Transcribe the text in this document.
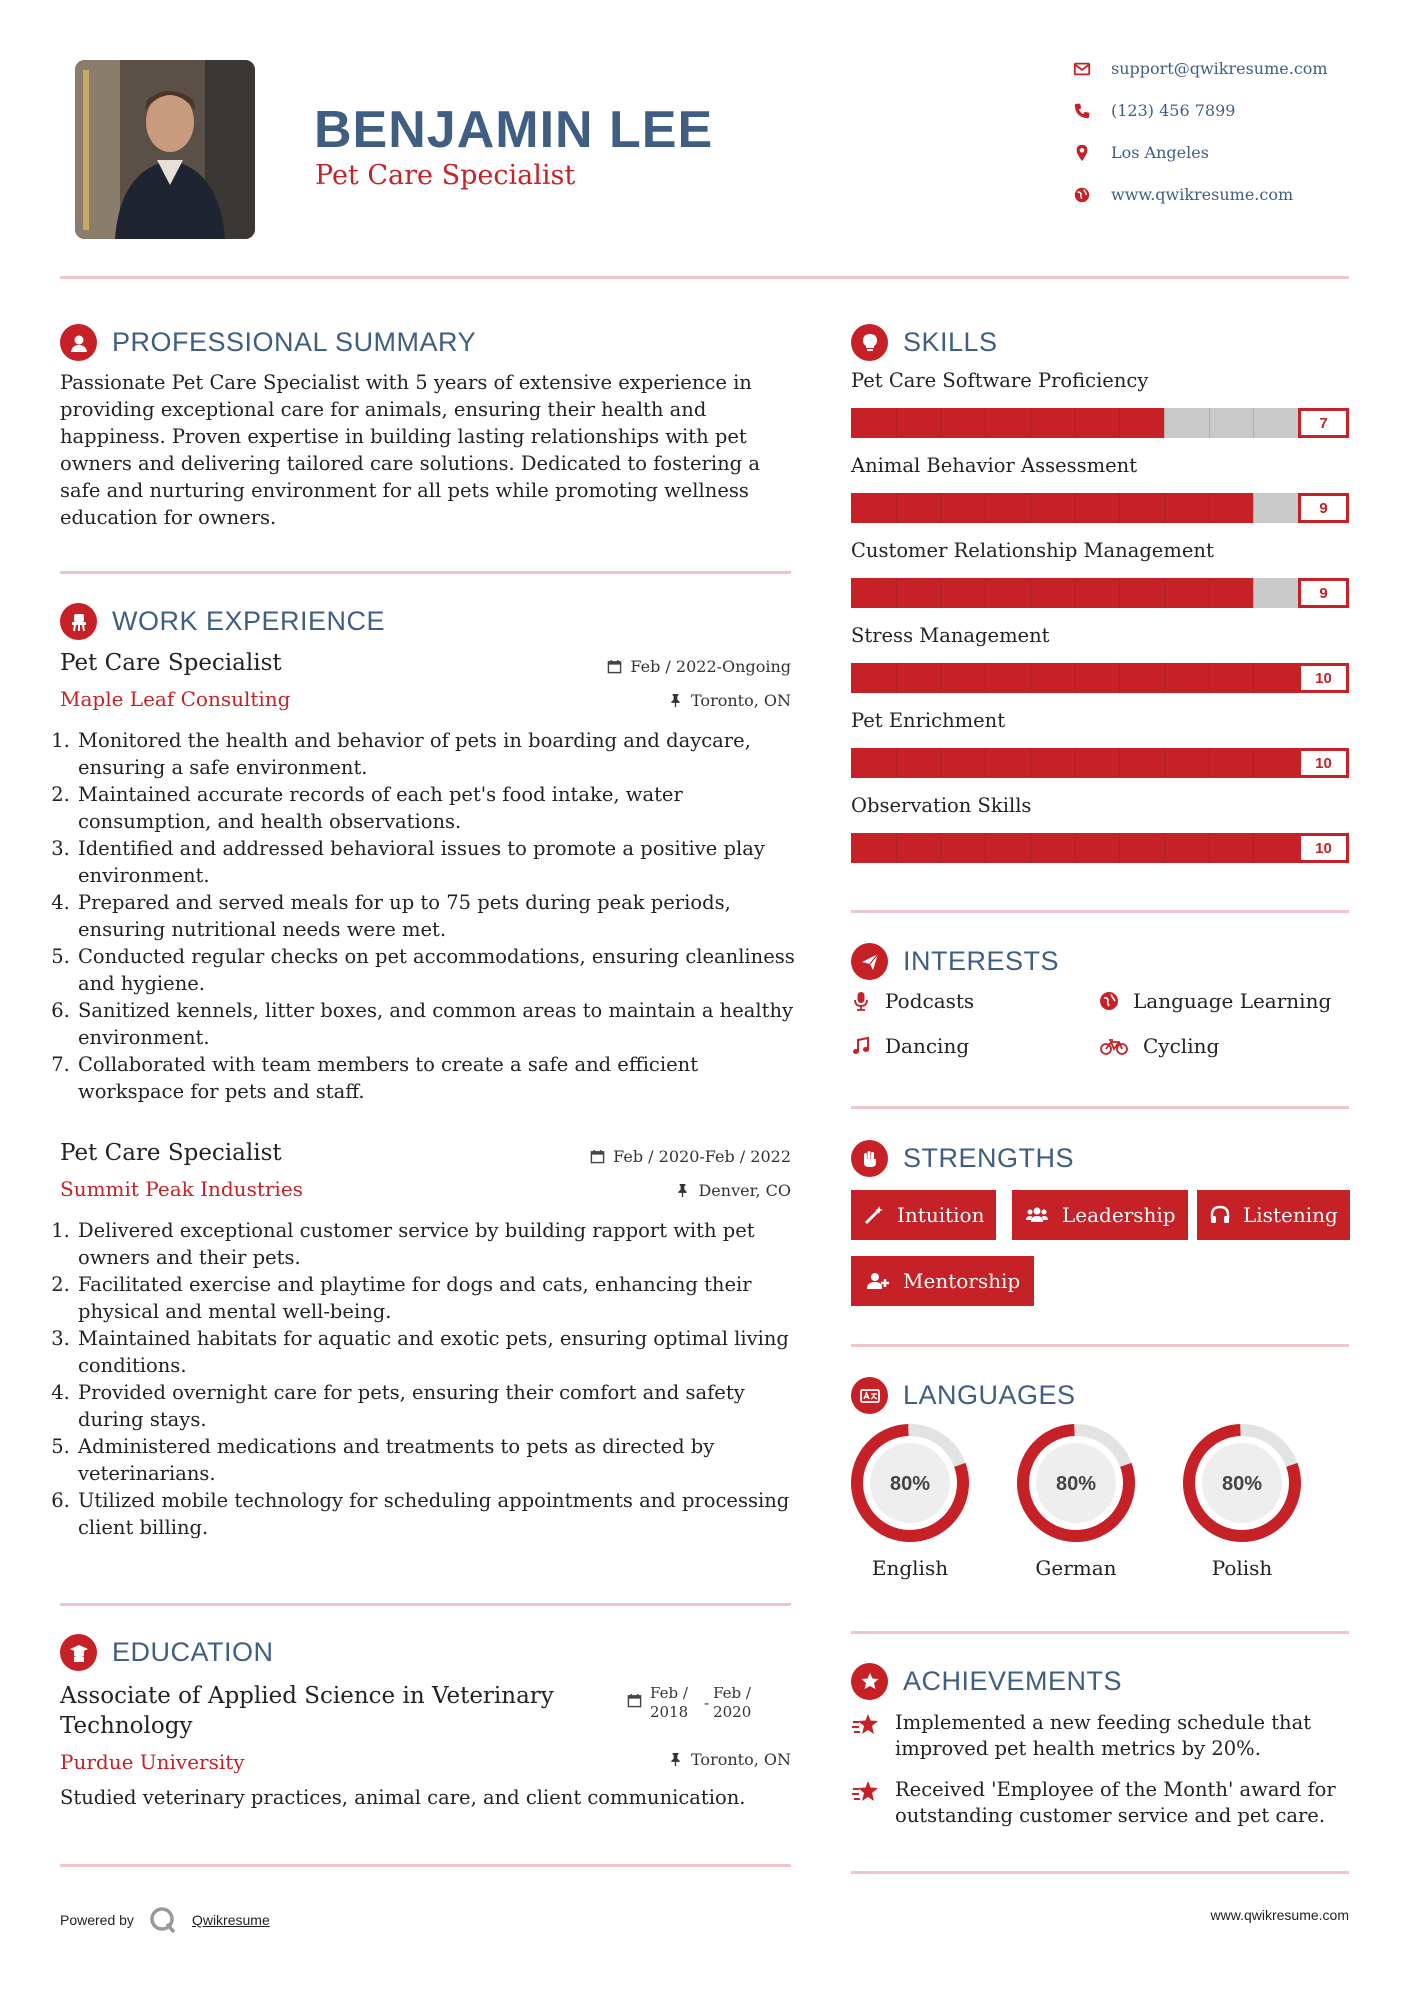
BENJAMIN LEE
Pet Care Specialist
support@qwikresume.com
(123) 456 7899
Los Angeles
www.qwikresume.com
PROFESSIONAL SUMMARY
Passionate Pet Care Specialist with 5 years of extensive experience in providing exceptional care for animals, ensuring their health and happiness. Proven expertise in building lasting relationships with pet owners and delivering tailored care solutions. Dedicated to fostering a safe and nurturing environment for all pets while promoting wellness education for owners.
WORK EXPERIENCE
Pet Care Specialist
Maple Leaf Consulting
Feb / 2022-Ongoing
Toronto, ON
1. Monitored the health and behavior of pets in boarding and daycare, ensuring a safe environment.
2. Maintained accurate records of each pet's food intake, water consumption, and health observations.
3. Identified and addressed behavioral issues to promote a positive play environment.
4. Prepared and served meals for up to 75 pets during peak periods, ensuring nutritional needs were met.
5. Conducted regular checks on pet accommodations, ensuring cleanliness and hygiene.
6. Sanitized kennels, litter boxes, and common areas to maintain a healthy environment.
7. Collaborated with team members to create a safe and efficient workspace for pets and staff.
Pet Care Specialist
Summit Peak Industries
Feb / 2020-Feb / 2022
Denver, CO
1. Delivered exceptional customer service by building rapport with pet owners and their pets.
2. Facilitated exercise and playtime for dogs and cats, enhancing their physical and mental well-being.
3. Maintained habitats for aquatic and exotic pets, ensuring optimal living conditions.
4. Provided overnight care for pets, ensuring their comfort and safety during stays.
5. Administered medications and treatments to pets as directed by veterinarians.
6. Utilized mobile technology for scheduling appointments and processing client billing.
EDUCATION
Associate of Applied Science in Veterinary Technology
Purdue University
Feb / 2018	-
Feb / 2020
Toronto, ON
Studied veterinary practices, animal care, and client communication.
SKILLS
Pet Care Software Proficiency
7
Animal Behavior Assessment
9
Customer Relationship Management
9
Stress Management
10
Pet Enrichment
10
Observation Skills
10
INTERESTS
Podcasts	Language Learning
Dancing	Cycling
STRENGTHS
Intuition	Leadership	Listening
Mentorship
LANGUAGES
80%
English
80%
German
80%
Polish
ACHIEVEMENTS
Implemented a new feeding schedule that improved pet health metrics by 20%.
Received 'Employee of the Month' award for outstanding customer service and pet care.
Powered by	Qwikresume	www.qwikresume.com
